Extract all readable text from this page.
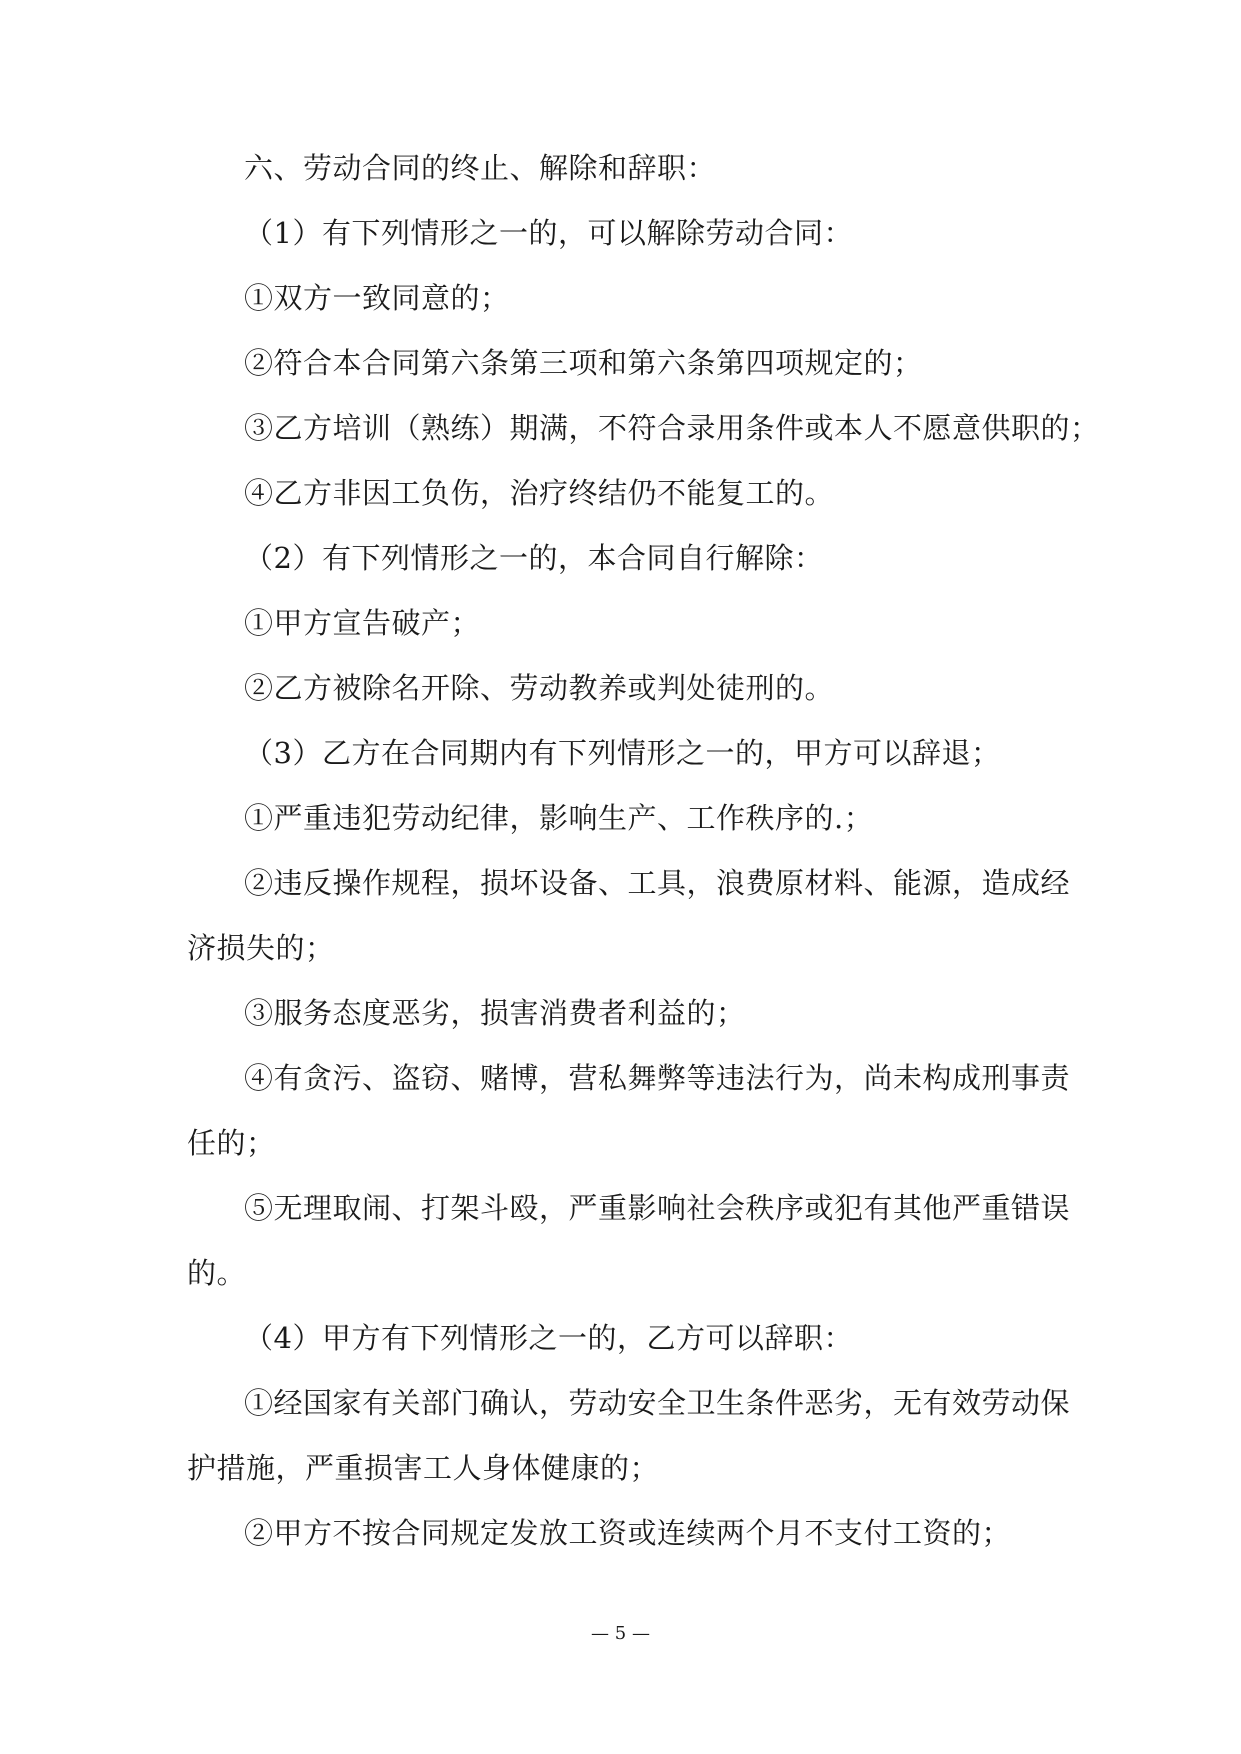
六、劳动合同的终止、解除和辞职：
（1）有下列情形之一的，可以解除劳动合同：
①双方一致同意的；
②符合本合同第六条第三项和第六条第四项规定的；
③乙方培训（熟练）期满，不符合录用条件或本人不愿意供职的；
④乙方非因工负伤，治疗终结仍不能复工的。
（2）有下列情形之一的，本合同自行解除：
①甲方宣告破产；
②乙方被除名开除、劳动教养或判处徒刑的。
（3）乙方在合同期内有下列情形之一的，甲方可以辞退；
①严重违犯劳动纪律，影响生产、工作秩序的.；
②违反操作规程，损坏设备、工具，浪费原材料、能源，造成经
济损失的；
③服务态度恶劣，损害消费者利益的；
④有贪污、盗窃、赌博，营私舞弊等违法行为，尚未构成刑事责
任的；
⑤无理取闹、打架斗殴，严重影响社会秩序或犯有其他严重错误
的。
（4）甲方有下列情形之一的，乙方可以辞职：
①经国家有关部门确认，劳动安全卫生条件恶劣，无有效劳动保
护措施，严重损害工人身体健康的；
②甲方不按合同规定发放工资或连续两个月不支付工资的；
— 5 —
